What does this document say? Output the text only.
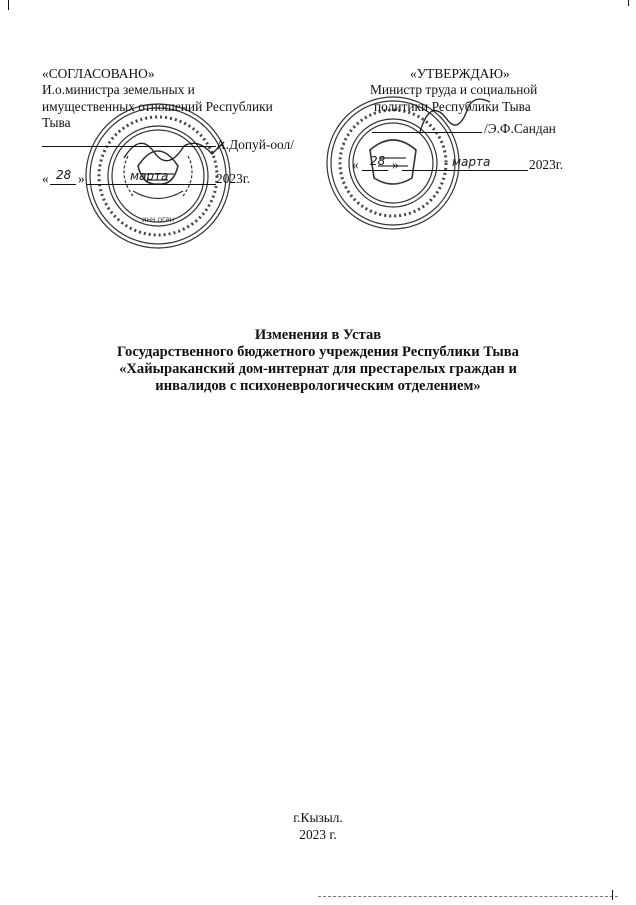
ИНН ОГРН
«СОГЛАСОВАНО»
И.о.министра земельных и
имущественных отношений Республики
Тыва
А.Допуй-оол/
« 28 »	марта	2023г.
«УТВЕРЖДАЮ»
Министр труда и социальной
политики Республики Тыва
/Э.Ф.Сандан
« 28 »	марта	2023г.
Изменения в Устав
Государственного бюджетного учреждения Республики Тыва
«Хайыраканский дом-интернат для престарелых граждан и
инвалидов с психоневрологическим отделением»
г.Кызыл.
2023 г.
